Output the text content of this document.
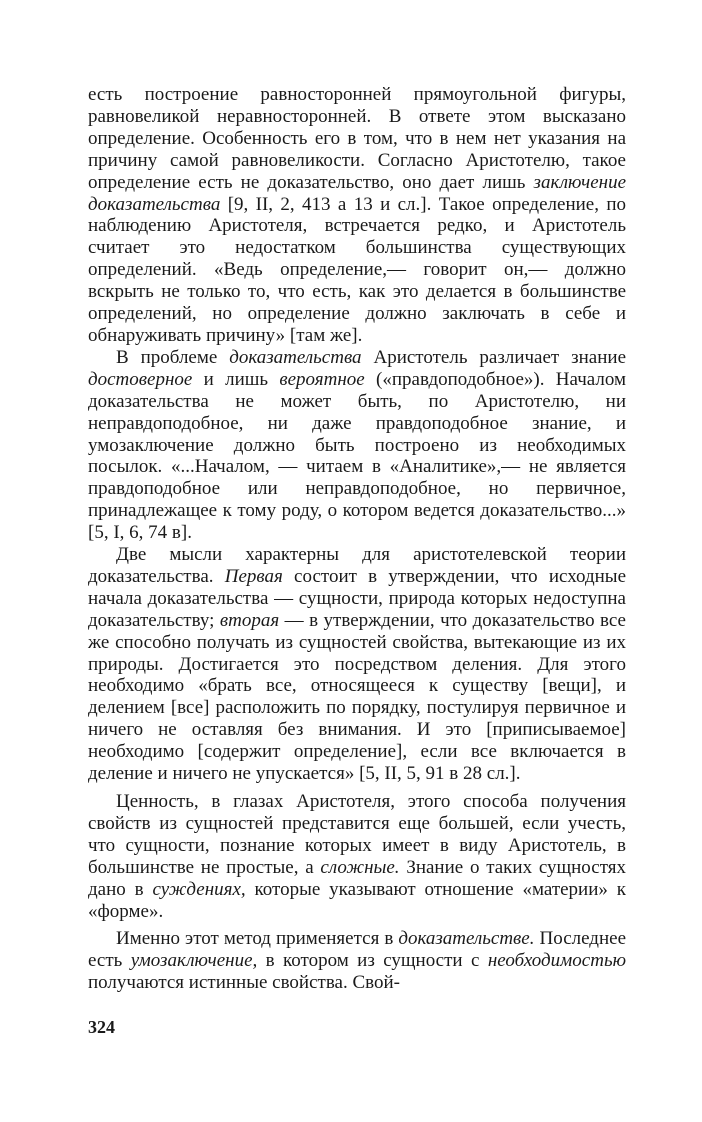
есть построение равносторонней прямоугольной фигуры, равновеликой неравносторонней. В ответе этом высказано определение. Особенность его в том, что в нем нет указания на причину самой равновеликости. Согласно Аристотелю, такое определение есть не доказательство, оно дает лишь заключение доказательства [9, II, 2, 413 а 13 и сл.]. Такое определение, по наблюдению Аристотеля, встречается редко, и Аристотель считает это недостатком большинства существующих определений. «Ведь определение,— говорит он,— должно вскрыть не только то, что есть, как это делается в большинстве определений, но определение должно заключать в себе и обнаруживать причину» [там же].

В проблеме доказательства Аристотель различает знание достоверное и лишь вероятное («правдоподобное»). Началом доказательства не может быть, по Аристотелю, ни неправдоподобное, ни даже правдоподобное знание, и умозаключение должно быть построено из необходимых посылок. «...Началом, — читаем в «Аналитике»,— не является правдоподобное или неправдоподобное, но первичное, принадлежащее к тому роду, о котором ведется доказательство...» [5, I, 6, 74 в].

Две мысли характерны для аристотелевской теории доказательства. Первая состоит в утверждении, что исходные начала доказательства — сущности, природа которых недоступна доказательству; вторая — в утверждении, что доказательство все же способно получать из сущностей свойства, вытекающие из их природы. Достигается это посредством деления. Для этого необходимо «брать все, относящееся к существу [вещи], и делением [все] расположить по порядку, постулируя первичное и ничего не оставляя без внимания. И это [приписываемое] необходимо [содержит определение], если все включается в деление и ничего не упускается» [5, II, 5, 91 в 28 сл.].

Ценность, в глазах Аристотеля, этого способа получения свойств из сущностей представится еще большей, если учесть, что сущности, познание которых имеет в виду Аристотель, в большинстве не простые, а сложные. Знание о таких сущностях дано в суждениях, которые указывают отношение «материи» к «форме».

Именно этот метод применяется в доказательстве. Последнее есть умозаключение, в котором из сущности с необходимостью получаются истинные свойства. Свой-

324
